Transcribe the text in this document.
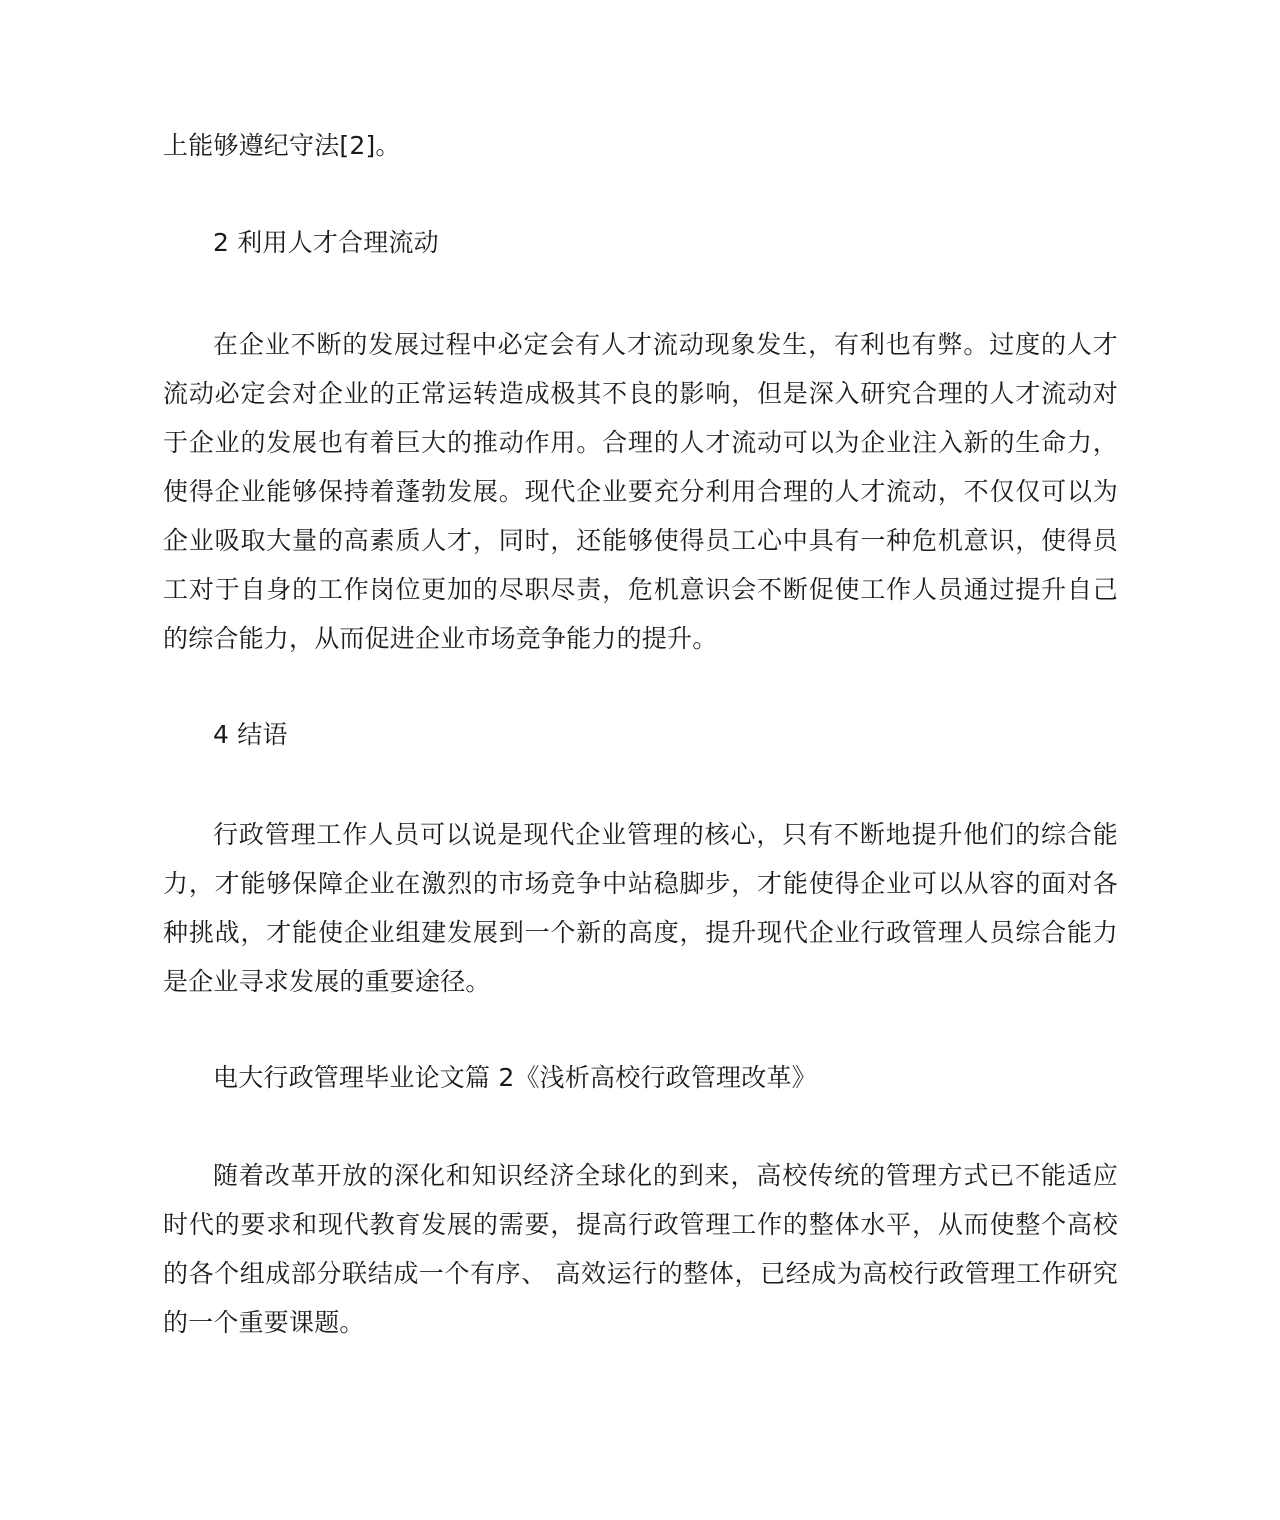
上能够遵纪守法[2]。

2 利用人才合理流动

在企业不断的发展过程中必定会有人才流动现象发生，有利也有弊。过度的人才流动必定会对企业的正常运转造成极其不良的影响，但是深入研究合理的人才流动对于企业的发展也有着巨大的推动作用。合理的人才流动可以为企业注入新的生命力，使得企业能够保持着蓬勃发展。现代企业要充分利用合理的人才流动，不仅仅可以为企业吸取大量的高素质人才，同时，还能够使得员工心中具有一种危机意识，使得员工对于自身的工作岗位更加的尽职尽责，危机意识会不断促使工作人员通过提升自己的综合能力，从而促进企业市场竞争能力的提升。

4 结语

行政管理工作人员可以说是现代企业管理的核心，只有不断地提升他们的综合能力，才能够保障企业在激烈的市场竞争中站稳脚步，才能使得企业可以从容的面对各种挑战，才能使企业组建发展到一个新的高度，提升现代企业行政管理人员综合能力是企业寻求发展的重要途径。

电大行政管理毕业论文篇 2《浅析高校行政管理改革》

随着改革开放的深化和知识经济全球化的到来，高校传统的管理方式已不能适应时代的要求和现代教育发展的需要，提高行政管理工作的整体水平，从而使整个高校的各个组成部分联结成一个有序、 高效运行的整体，已经成为高校行政管理工作研究的一个重要课题。
